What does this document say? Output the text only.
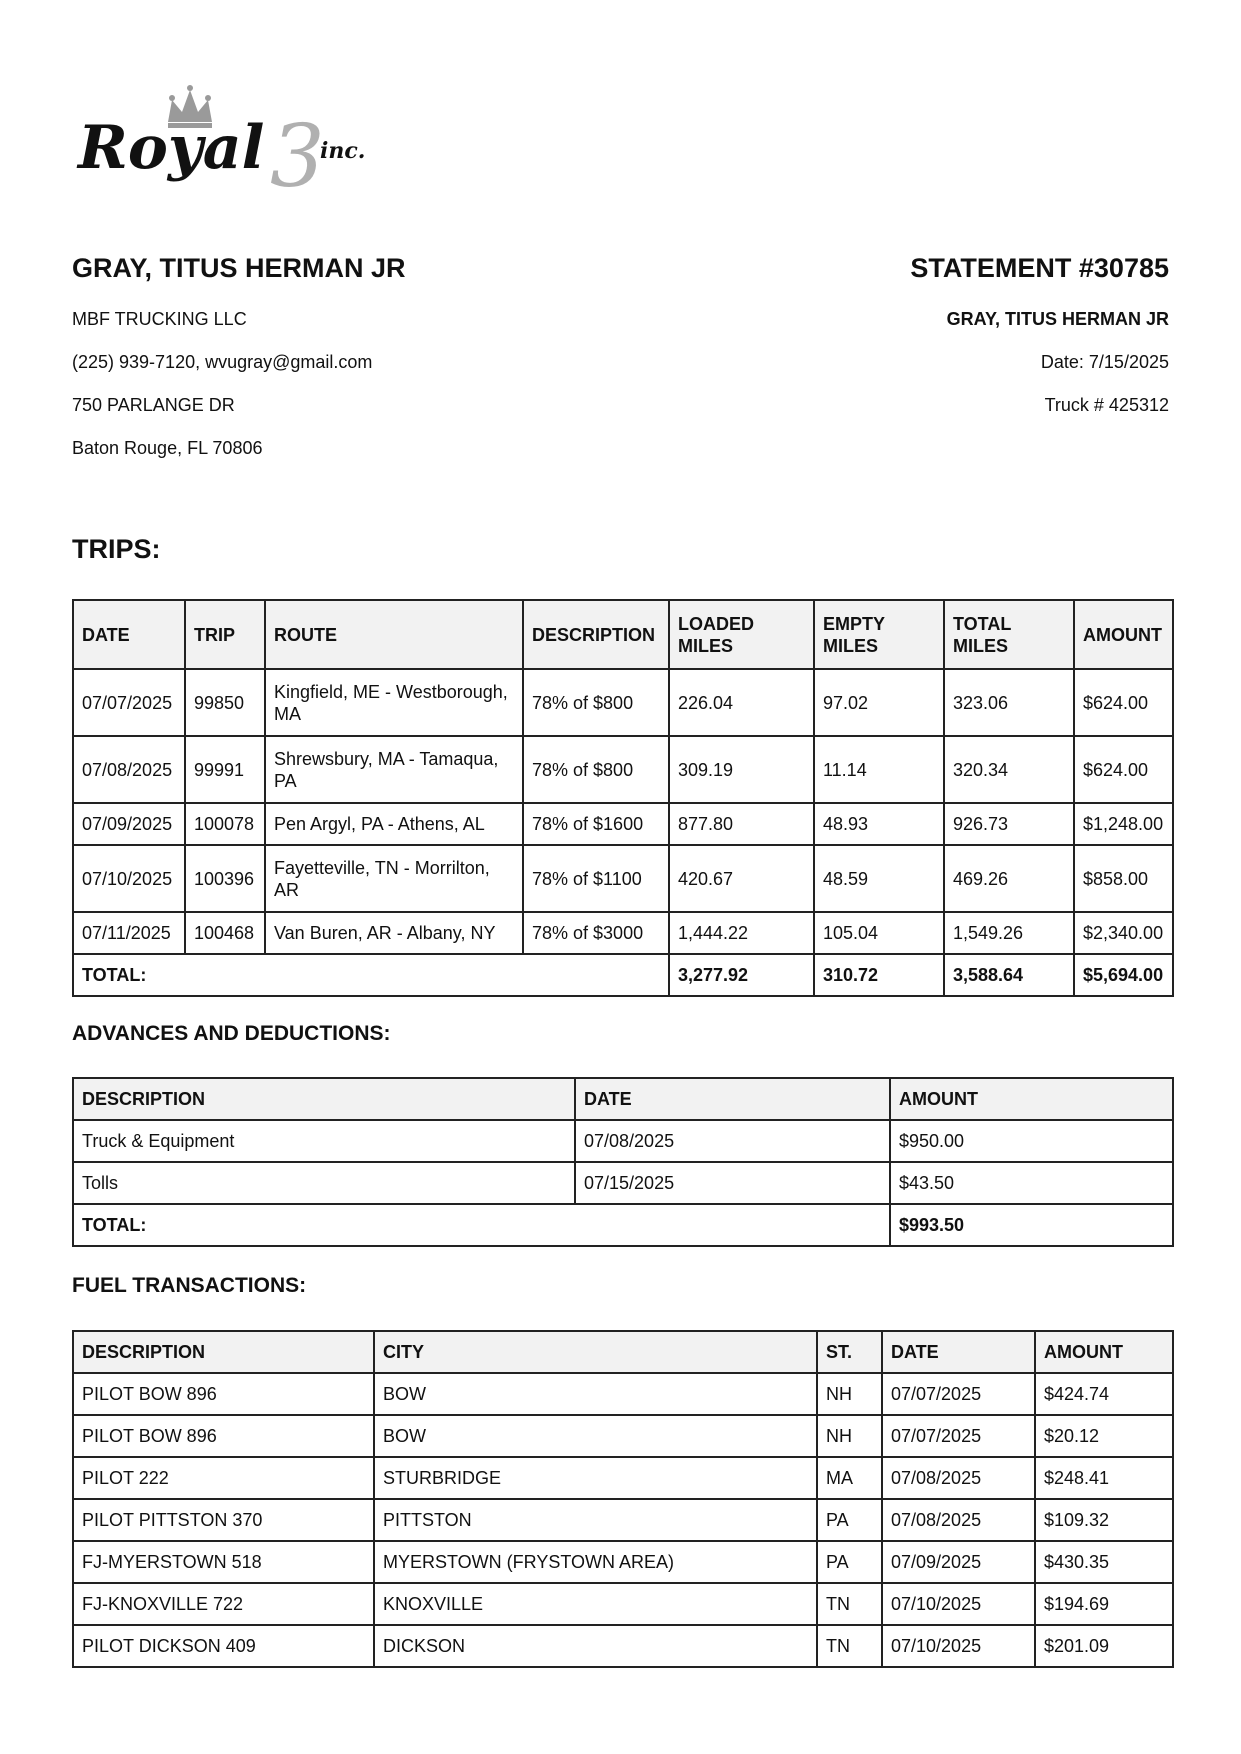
3
Royal	inc.
GRAY, TITUS HERMAN JR
MBF TRUCKING LLC
(225) 939-7120, wvugray@gmail.com
750 PARLANGE DR
Baton Rouge, FL 70806
STATEMENT #30785
GRAY, TITUS HERMAN JR
Date: 7/15/2025
Truck # 425312
TRIPS:
DATE	TRIP	ROUTE	DESCRIPTION	LOADED MILES	EMPTY MILES	TOTAL MILES	AMOUNT
07/07/2025	99850	Kingfield, ME - Westborough, MA	78% of $800	226.04	97.02	323.06	$624.00
07/08/2025	99991	Shrewsbury, MA - Tamaqua, PA	78% of $800	309.19	11.14	320.34	$624.00
07/09/2025	100078	Pen Argyl, PA - Athens, AL	78% of $1600	877.80	48.93	926.73	$1,248.00
07/10/2025	100396	Fayetteville, TN - Morrilton, AR	78% of $1100	420.67	48.59	469.26	$858.00
07/11/2025	100468	Van Buren, AR - Albany, NY	78% of $3000	1,444.22	105.04	1,549.26	$2,340.00
TOTAL:				3,277.92	310.72	3,588.64	$5,694.00
ADVANCES AND DEDUCTIONS:
DESCRIPTION	DATE	AMOUNT
Truck & Equipment	07/08/2025	$950.00
Tolls	07/15/2025	$43.50
TOTAL:		$993.50
FUEL TRANSACTIONS:
DESCRIPTION	CITY	ST.	DATE	AMOUNT
PILOT BOW 896	BOW	NH	07/07/2025	$424.74
PILOT BOW 896	BOW	NH	07/07/2025	$20.12
PILOT 222	STURBRIDGE	MA	07/08/2025	$248.41
PILOT PITTSTON 370	PITTSTON	PA	07/08/2025	$109.32
FJ-MYERSTOWN 518	MYERSTOWN (FRYSTOWN AREA)	PA	07/09/2025	$430.35
FJ-KNOXVILLE 722	KNOXVILLE	TN	07/10/2025	$194.69
PILOT DICKSON 409	DICKSON	TN	07/10/2025	$201.09
